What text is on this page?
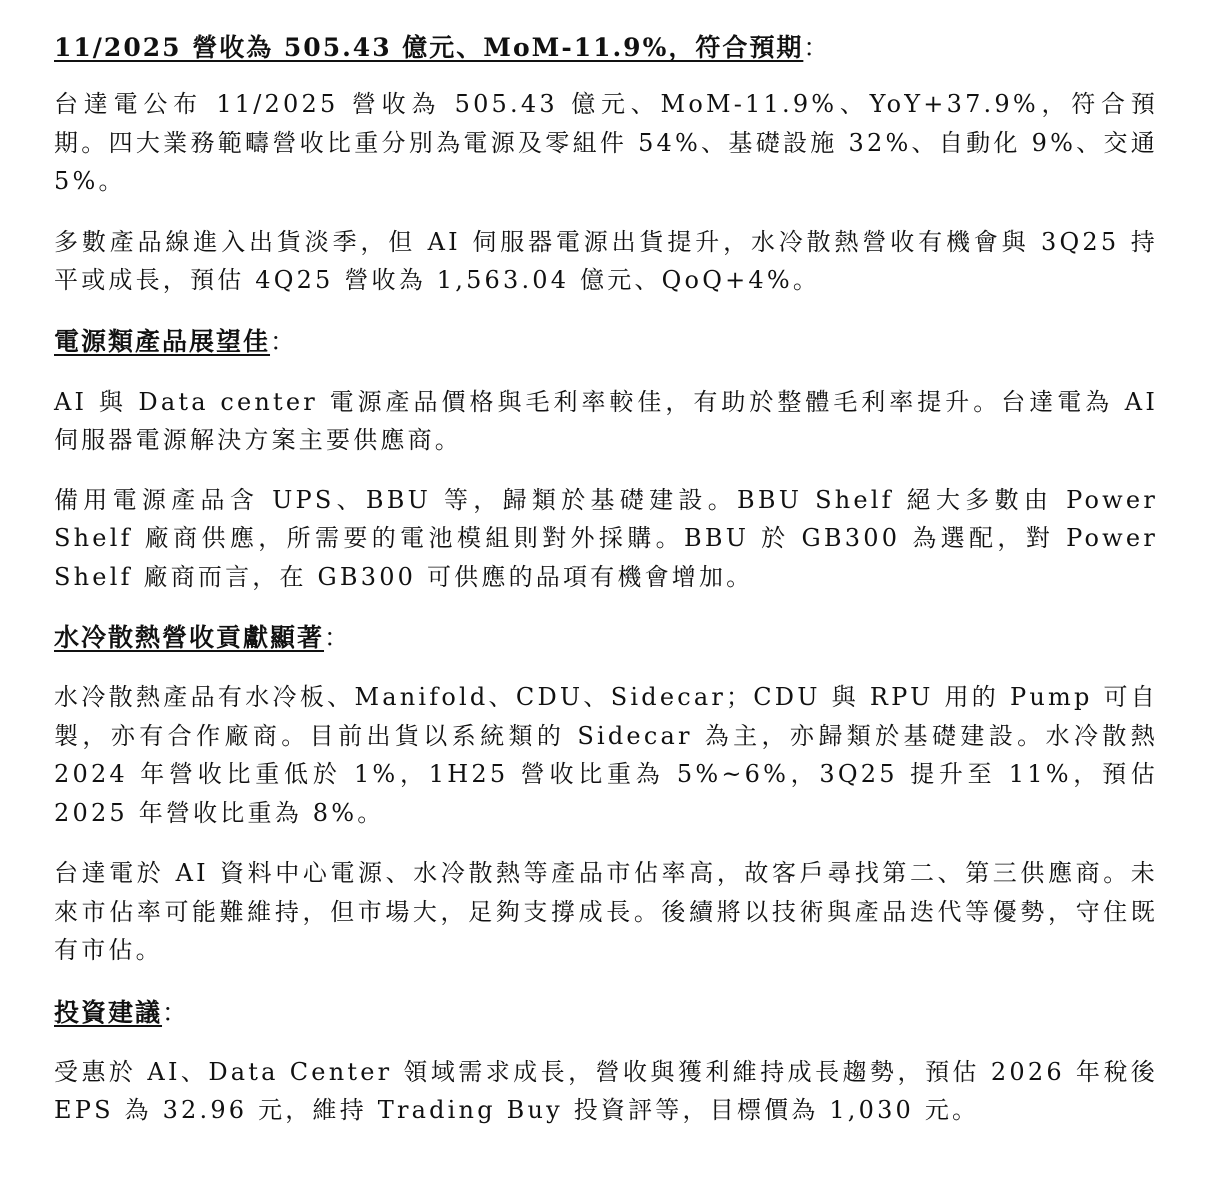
11/2025 營收為 505.43 億元、MoM-11.9%，符合預期：

台達電公布 11/2025 營收為 505.43 億元、MoM-11.9%、YoY+37.9%，符合預期。四大業務範疇營收比重分別為電源及零組件 54%、基礎設施 32%、自動化 9%、交通 5%。

多數產品線進入出貨淡季，但 AI 伺服器電源出貨提升，水冷散熱營收有機會與 3Q25 持平或成長，預估 4Q25 營收為 1,563.04 億元、QoQ+4%。

電源類產品展望佳：

AI 與 Data center 電源產品價格與毛利率較佳，有助於整體毛利率提升。台達電為 AI 伺服器電源解決方案主要供應商。

備用電源產品含 UPS、BBU 等，歸類於基礎建設。BBU Shelf 絕大多數由 Power Shelf 廠商供應，所需要的電池模組則對外採購。BBU 於 GB300 為選配，對 Power Shelf 廠商而言，在 GB300 可供應的品項有機會增加。

水冷散熱營收貢獻顯著：

水冷散熱產品有水冷板、Manifold、CDU、Sidecar；CDU 與 RPU 用的 Pump 可自製，亦有合作廠商。目前出貨以系統類的 Sidecar 為主，亦歸類於基礎建設。水冷散熱 2024 年營收比重低於 1%，1H25 營收比重為 5%~6%，3Q25 提升至 11%，預估 2025 年營收比重為 8%。

台達電於 AI 資料中心電源、水冷散熱等產品市佔率高，故客戶尋找第二、第三供應商。未來市佔率可能難維持，但市場大，足夠支撐成長。後續將以技術與產品迭代等優勢，守住既有市佔。

投資建議：

受惠於 AI、Data Center 領域需求成長，營收與獲利維持成長趨勢，預估 2026 年稅後 EPS 為 32.96 元，維持 Trading Buy 投資評等，目標價為 1,030 元。
